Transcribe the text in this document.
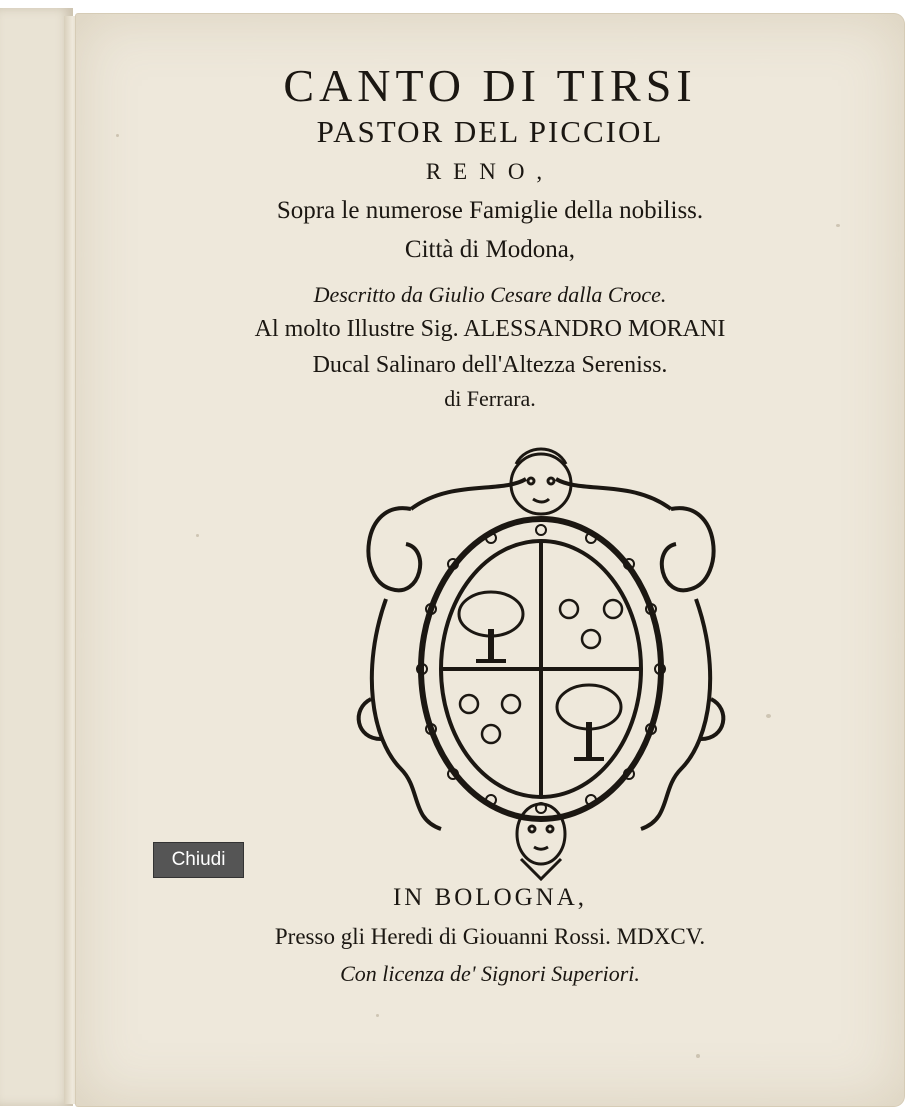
CANTO DI TIRSI
PASTOR DEL PICCIOL
RENO,
Sopra le numerose Famiglie della nobiliss.
Città di Modona,
Descritto da Giulio Cesare dalla Croce.
Al molto Illustre Sig. ALESSANDRO MORANI
Ducal Salinaro dell'Altezza Sereniss.
di Ferrara.
IN BOLOGNA,
Presso gli Heredi di Giouanni Rossi. MDXCV.
Con licenza de' Signori Superiori.
Chiudi
